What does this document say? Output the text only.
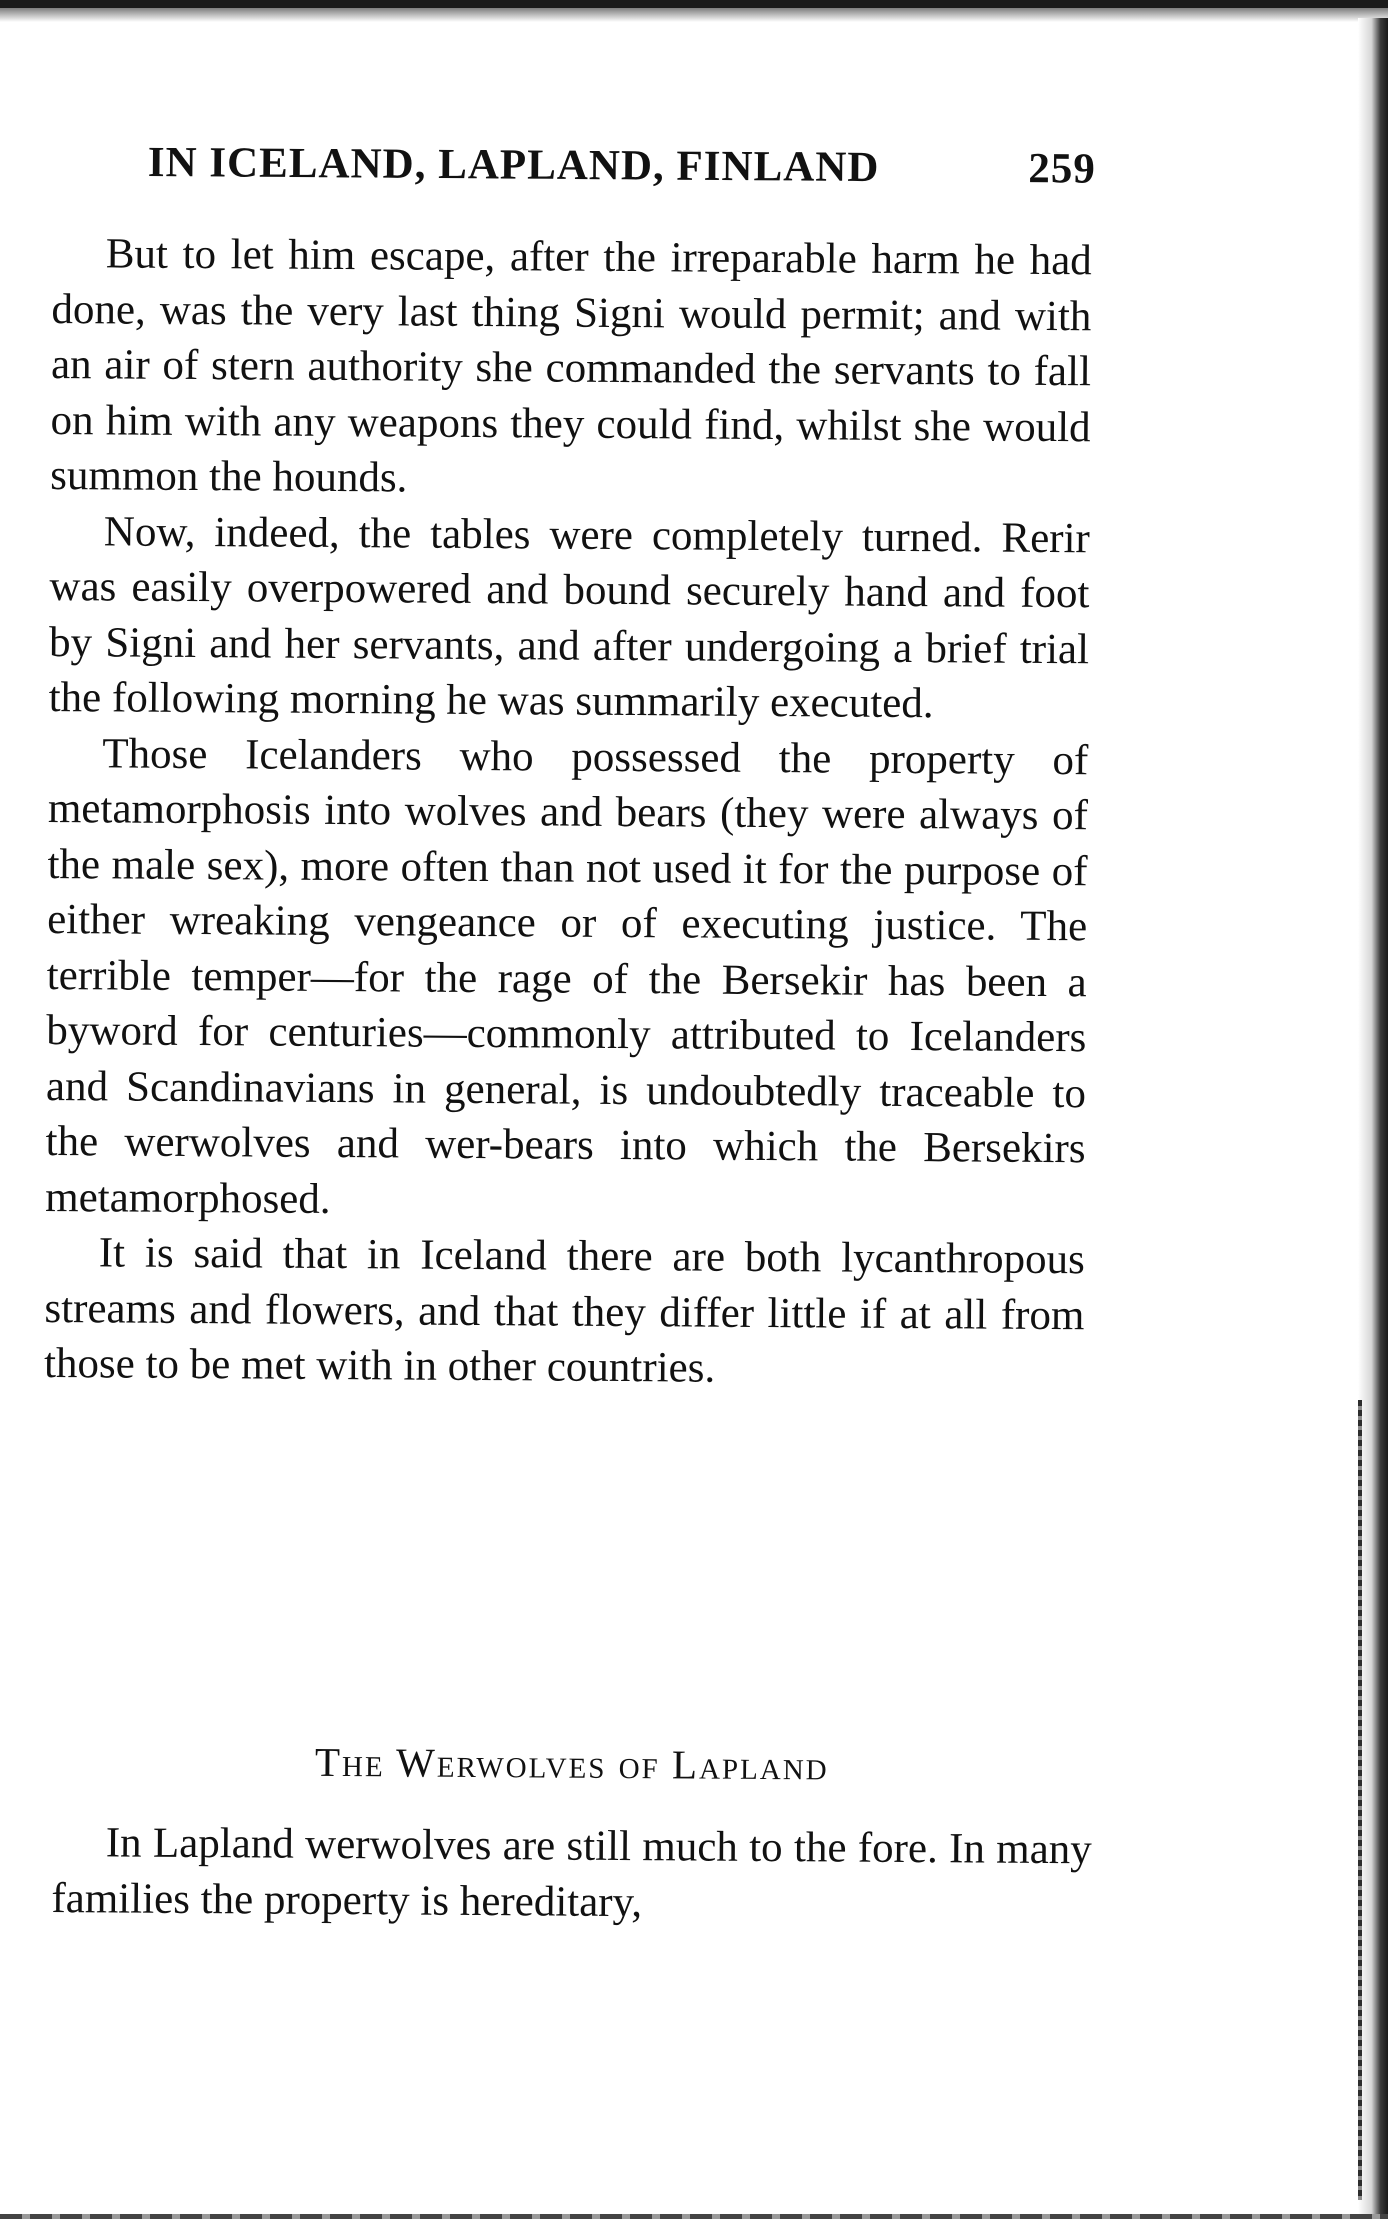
IN ICELAND, LAPLAND, FINLAND	259

But to let him escape, after the irreparable harm he had done, was the very last thing Signi would permit; and with an air of stern authority she commanded the servants to fall on him with any weapons they could find, whilst she would summon the hounds.

Now, indeed, the tables were completely turned. Rerir was easily overpowered and bound securely hand and foot by Signi and her servants, and after undergoing a brief trial the following morning he was summarily executed.

Those Icelanders who possessed the property of metamorphosis into wolves and bears (they were always of the male sex), more often than not used it for the purpose of either wreaking vengeance or of executing justice. The terrible temper—for the rage of the Bersekir has been a byword for centuries—commonly attributed to Icelanders and Scandinavians in general, is undoubtedly traceable to the werwolves and wer-bears into which the Bersekirs metamorphosed.

It is said that in Iceland there are both lycanthropous streams and flowers, and that they differ little if at all from those to be met with in other countries.

The Werwolves of Lapland

In Lapland werwolves are still much to the fore. In many families the property is hereditary,
